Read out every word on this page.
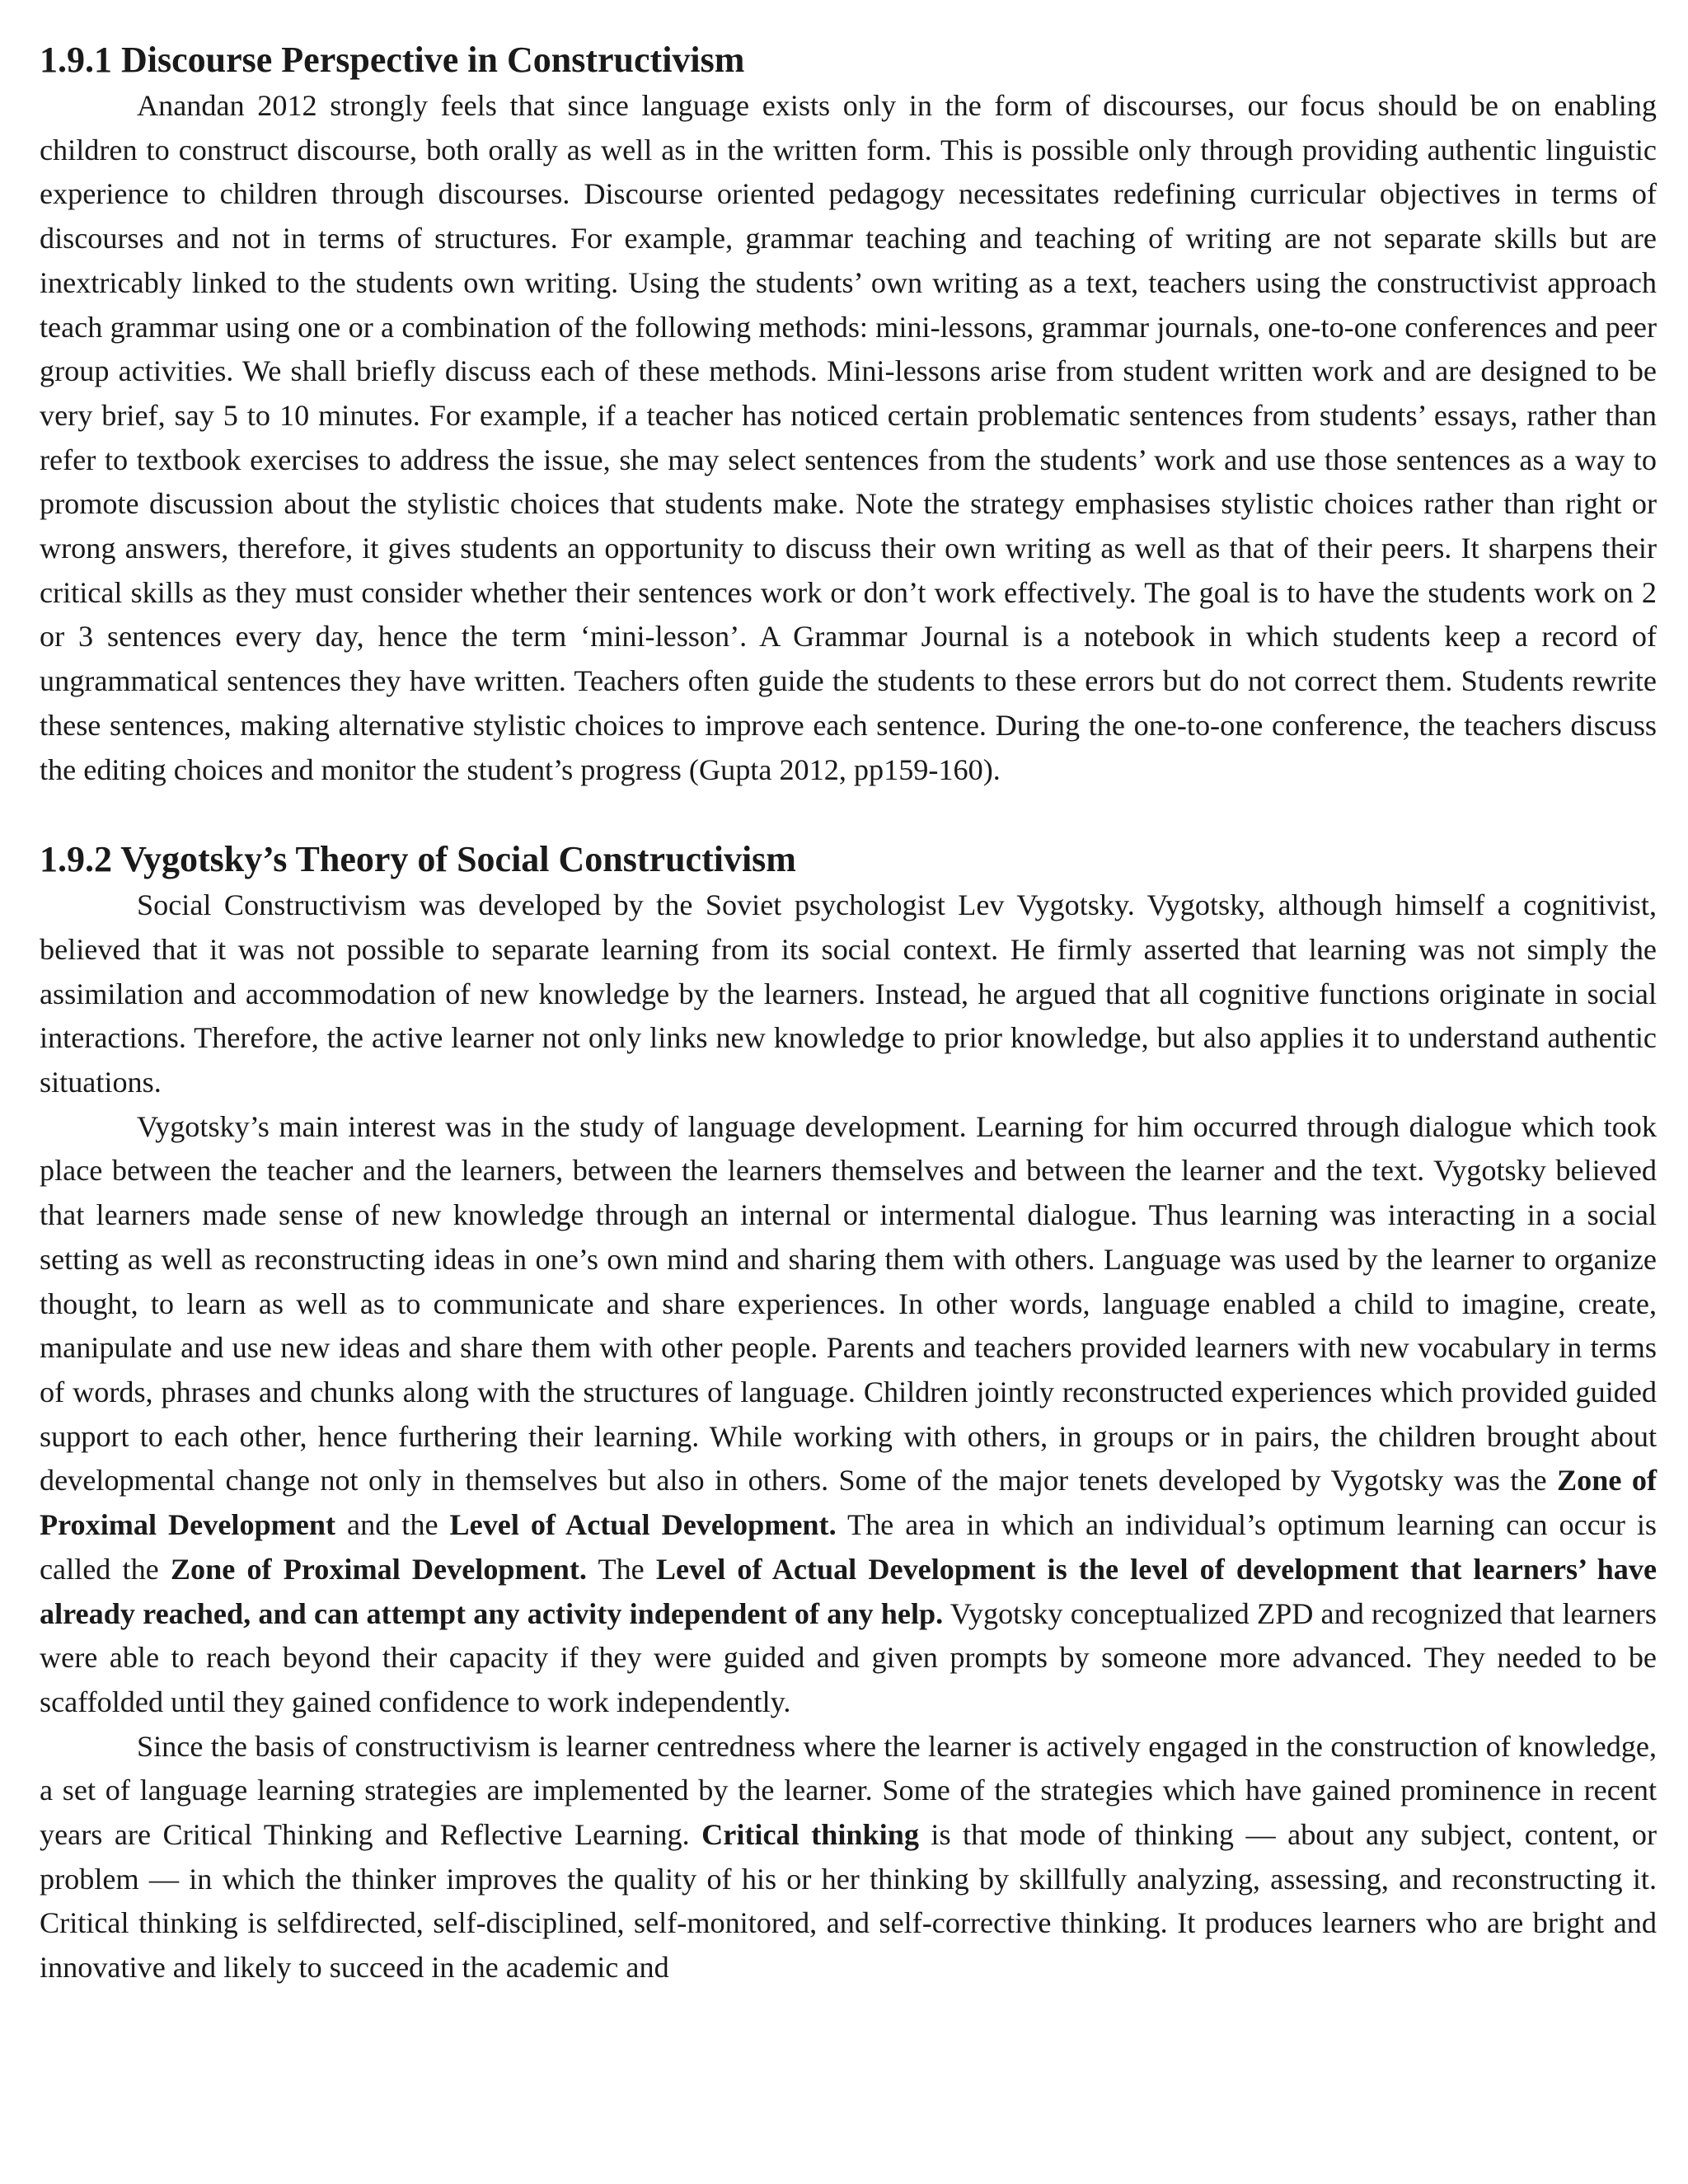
1.9.1 Discourse Perspective in Constructivism

Anandan 2012 strongly feels that since language exists only in the form of discourses, our focus should be on enabling children to construct discourse, both orally as well as in the written form. This is possible only through providing authentic linguistic experience to children through discourses. Discourse oriented pedagogy necessitates redefining curricular objectives in terms of discourses and not in terms of structures. For example, grammar teaching and teaching of writing are not separate skills but are inextricably linked to the students own writing. Using the students’ own writing as a text, teachers using the constructivist approach teach grammar using one or a combination of the following methods: mini-lessons, grammar journals, one-to-one conferences and peer group activities. We shall briefly discuss each of these methods. Mini-lessons arise from student written work and are designed to be very brief, say 5 to 10 minutes. For example, if a teacher has noticed certain problematic sentences from students’ essays, rather than refer to textbook exercises to address the issue, she may select sentences from the students’ work and use those sentences as a way to promote discussion about the stylistic choices that students make. Note the strategy emphasises stylistic choices rather than right or wrong answers, therefore, it gives students an opportunity to discuss their own writing as well as that of their peers. It sharpens their critical skills as they must consider whether their sentences work or don’t work effectively. The goal is to have the students work on 2 or 3 sentences every day, hence the term ‘mini-lesson’. A Grammar Journal is a notebook in which students keep a record of ungrammatical sentences they have written. Teachers often guide the students to these errors but do not correct them. Students rewrite these sentences, making alternative stylistic choices to improve each sentence. During the one-to-one conference, the teachers discuss the editing choices and monitor the student’s progress (Gupta 2012, pp159-160).

1.9.2 Vygotsky’s Theory of Social Constructivism

Social Constructivism was developed by the Soviet psychologist Lev Vygotsky. Vygotsky, although himself a cognitivist, believed that it was not possible to separate learning from its social context. He firmly asserted that learning was not simply the assimilation and accommodation of new knowledge by the learners. Instead, he argued that all cognitive functions originate in social interactions. Therefore, the active learner not only links new knowledge to prior knowledge, but also applies it to understand authentic situations.

Vygotsky’s main interest was in the study of language development. Learning for him occurred through dialogue which took place between the teacher and the learners, between the learners themselves and between the learner and the text. Vygotsky believed that learners made sense of new knowledge through an internal or intermental dialogue. Thus learning was interacting in a social setting as well as reconstructing ideas in one’s own mind and sharing them with others. Language was used by the learner to organize thought, to learn as well as to communicate and share experiences. In other words, language enabled a child to imagine, create, manipulate and use new ideas and share them with other people. Parents and teachers provided learners with new vocabulary in terms of words, phrases and chunks along with the structures of language. Children jointly reconstructed experiences which provided guided support to each other, hence furthering their learning. While working with others, in groups or in pairs, the children brought about developmental change not only in themselves but also in others. Some of the major tenets developed by Vygotsky was the Zone of Proximal Development and the Level of Actual Development. The area in which an individual’s optimum learning can occur is called the Zone of Proximal Development. The Level of Actual Development is the level of development that learners’ have already reached, and can attempt any activity independent of any help. Vygotsky conceptualized ZPD and recognized that learners were able to reach beyond their capacity if they were guided and given prompts by someone more advanced. They needed to be scaffolded until they gained confidence to work independently.

Since the basis of constructivism is learner centredness where the learner is actively engaged in the construction of knowledge, a set of language learning strategies are implemented by the learner. Some of the strategies which have gained prominence in recent years are Critical Thinking and Reflective Learning. Critical thinking is that mode of thinking — about any subject, content, or problem — in which the thinker improves the quality of his or her thinking by skillfully analyzing, assessing, and reconstructing it. Critical thinking is selfdirected, self-disciplined, self-monitored, and self-corrective thinking. It produces learners who are bright and innovative and likely to succeed in the academic and
